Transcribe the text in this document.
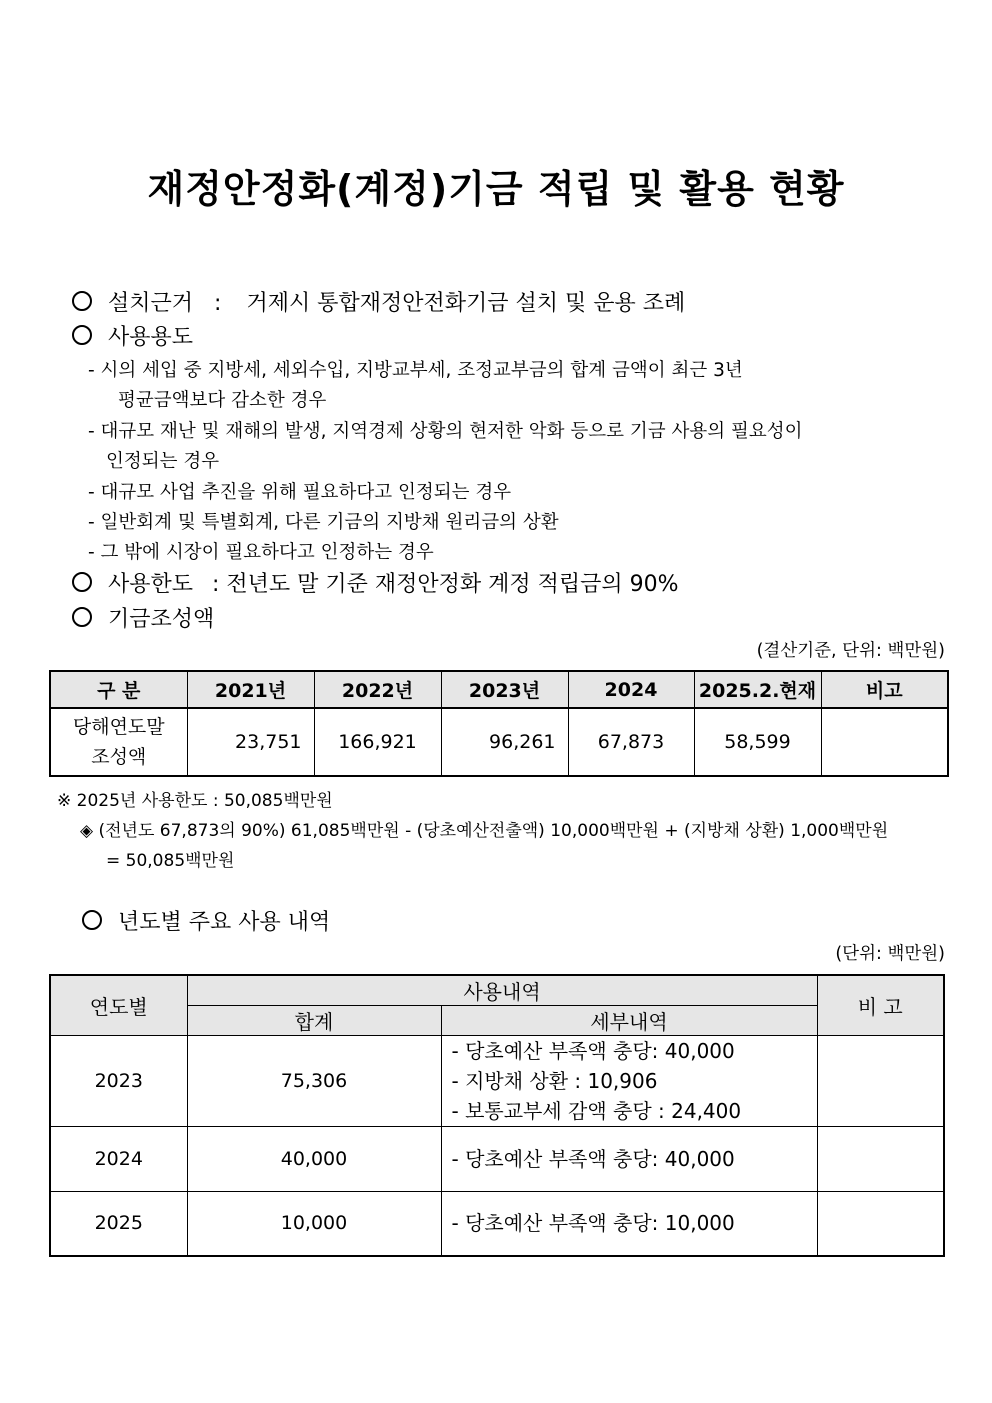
재정안정화(계정)기금 적립 및 활용 현황
설치근거 : 거제시 통합재정안전화기금 설치 및 운용 조례
사용용도
- 시의 세입 중 지방세, 세외수입, 지방교부세, 조정교부금의 합계 금액이 최근 3년
평균금액보다 감소한 경우
- 대규모 재난 및 재해의 발생, 지역경제 상황의 현저한 악화 등으로 기금 사용의 필요성이
인정되는 경우
- 대규모 사업 추진을 위해 필요하다고 인정되는 경우
- 일반회계 및 특별회계, 다른 기금의 지방채 원리금의 상환
- 그 밖에 시장이 필요하다고 인정하는 경우
사용한도 : 전년도 말 기준 재정안정화 계정 적립금의 90%
기금조성액
(결산기준, 단위: 백만원)
구 분	2021년	2022년	2023년	2024	2025.2.현재	비고

당해연도말
조성액	23,751	166,921	96,261	67,873	58,599	
※ 2025년 사용한도 : 50,085백만원
◈ (전년도 67,873의 90%) 61,085백만원 - (당초예산전출액) 10,000백만원 + (지방채 상환) 1,000백만원
= 50,085백만원
년도별 주요 사용 내역
(단위: 백만원)
연도별	사용내역		비 고
	합계	세부내역	
2023	75,306	- 당초예산 부족액 충당: 40,000
- 지방채 상환 : 10,906
- 보통교부세 감액 충당 : 24,400	

2024	40,000	- 당초예산 부족액 충당: 40,000	

2025	10,000	- 당초예산 부족액 충당: 10,000	
